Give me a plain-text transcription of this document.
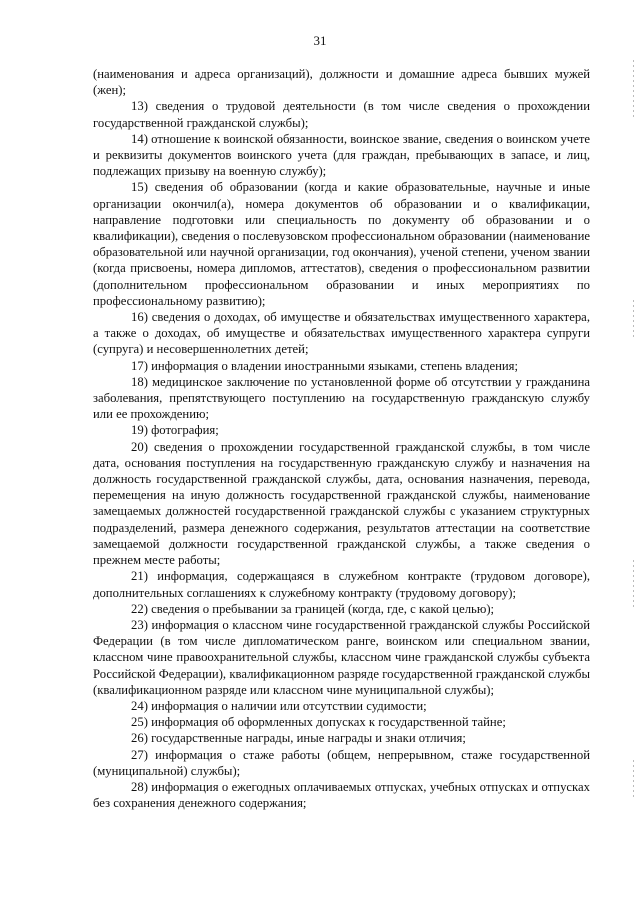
31

(наименования и адреса организаций), должности и домашние адреса бывших мужей (жен);

13) сведения о трудовой деятельности (в том числе сведения о прохождении государственной гражданской службы);

14) отношение к воинской обязанности, воинское звание, сведения о воинском учете и реквизиты документов воинского учета (для граждан, пребывающих в запасе, и лиц, подлежащих призыву на военную службу);

15) сведения об образовании (когда и какие образовательные, научные и иные организации окончил(а), номера документов об образовании и о квалификации, направление подготовки или специальность по документу об образовании и о квалификации), сведения о послевузовском профессиональном образовании (наименование образовательной или научной организации, год окончания), ученой степени, ученом звании (когда присвоены, номера дипломов, аттестатов), сведения о профессиональном развитии (дополнительном профессиональном образовании и иных мероприятиях по профессиональному развитию);

16) сведения о доходах, об имуществе и обязательствах имущественного характера, а также о доходах, об имуществе и обязательствах имущественного характера супруги (супруга) и несовершеннолетних детей;

17) информация о владении иностранными языками, степень владения;

18) медицинское заключение по установленной форме об отсутствии у гражданина заболевания, препятствующего поступлению на государственную гражданскую службу или ее прохождению;

19) фотография;

20) сведения о прохождении государственной гражданской службы, в том числе дата, основания поступления на государственную гражданскую службу и назначения на должность государственной гражданской службы, дата, основания назначения, перевода, перемещения на иную должность государственной гражданской службы, наименование замещаемых должностей государственной гражданской службы с указанием структурных подразделений, размера денежного содержания, результатов аттестации на соответствие замещаемой должности государственной гражданской службы, а также сведения о прежнем месте работы;

21) информация, содержащаяся в служебном контракте (трудовом договоре), дополнительных соглашениях к служебному контракту (трудовому договору);

22) сведения о пребывании за границей (когда, где, с какой целью);

23) информация о классном чине государственной гражданской службы Российской Федерации (в том числе дипломатическом ранге, воинском или специальном звании, классном чине правоохранительной службы, классном чине гражданской службы субъекта Российской Федерации), квалификационном разряде государственной гражданской службы (квалификационном разряде или классном чине муниципальной службы);

24) информация о наличии или отсутствии судимости;

25) информация об оформленных допусках к государственной тайне;

26) государственные награды, иные награды и знаки отличия;

27) информация о стаже работы (общем, непрерывном, стаже государственной (муниципальной) службы);

28) информация о ежегодных оплачиваемых отпусках, учебных отпусках и отпусках без сохранения денежного содержания;
